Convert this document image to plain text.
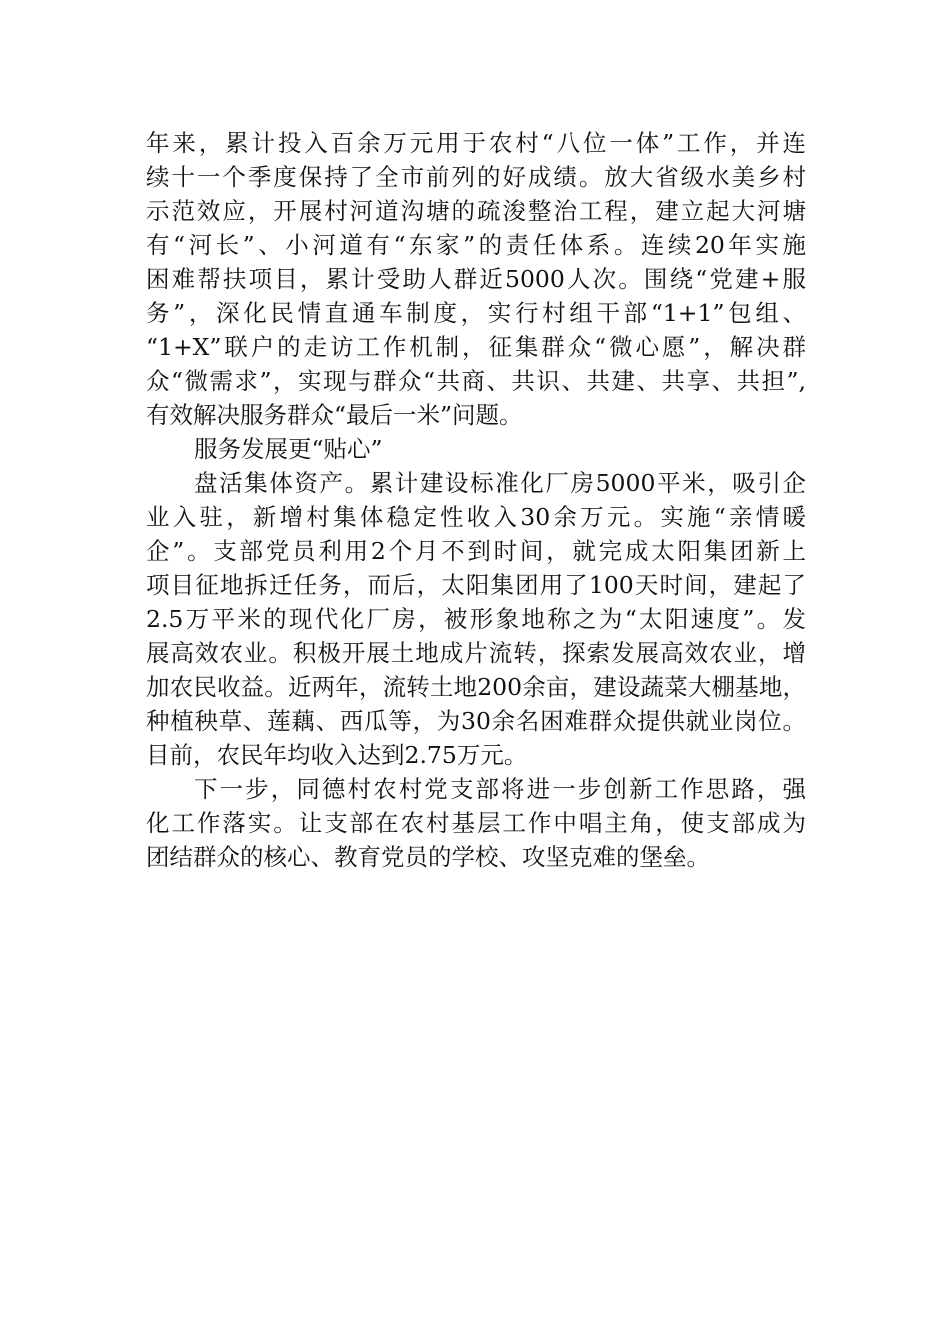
年来，累计投入百余万元用于农村“八位一体”工作，并连
续十一个季度保持了全市前列的好成绩。放大省级水美乡村
示范效应，开展村河道沟塘的疏浚整治工程，建立起大河塘
有“河长”、小河道有“东家”的责任体系。连续20年实施
困难帮扶项目，累计受助人群近5000人次。围绕“党建+服
务”，深化民情直通车制度，实行村组干部“1+1”包组、
“1+X”联户的走访工作机制，征集群众“微心愿”，解决群
众“微需求”，实现与群众“共商、共识、共建、共享、共担”,
有效解决服务群众“最后一米”问题。
服务发展更“贴心”
盘活集体资产。累计建设标准化厂房5000平米，吸引企
业入驻，新增村集体稳定性收入30余万元。实施“亲情暖
企”。支部党员利用2个月不到时间，就完成太阳集团新上
项目征地拆迁任务，而后，太阳集团用了100天时间，建起了
2.5万平米的现代化厂房，被形象地称之为“太阳速度”。发
展高效农业。积极开展土地成片流转，探索发展高效农业，增
加农民收益。近两年，流转土地200余亩，建设蔬菜大棚基地，
种植秧草、莲藕、西瓜等，为30余名困难群众提供就业岗位。
目前，农民年均收入达到2.75万元。
下一步，同德村农村党支部将进一步创新工作思路，强
化工作落实。让支部在农村基层工作中唱主角，使支部成为
团结群众的核心、教育党员的学校、攻坚克难的堡垒。
